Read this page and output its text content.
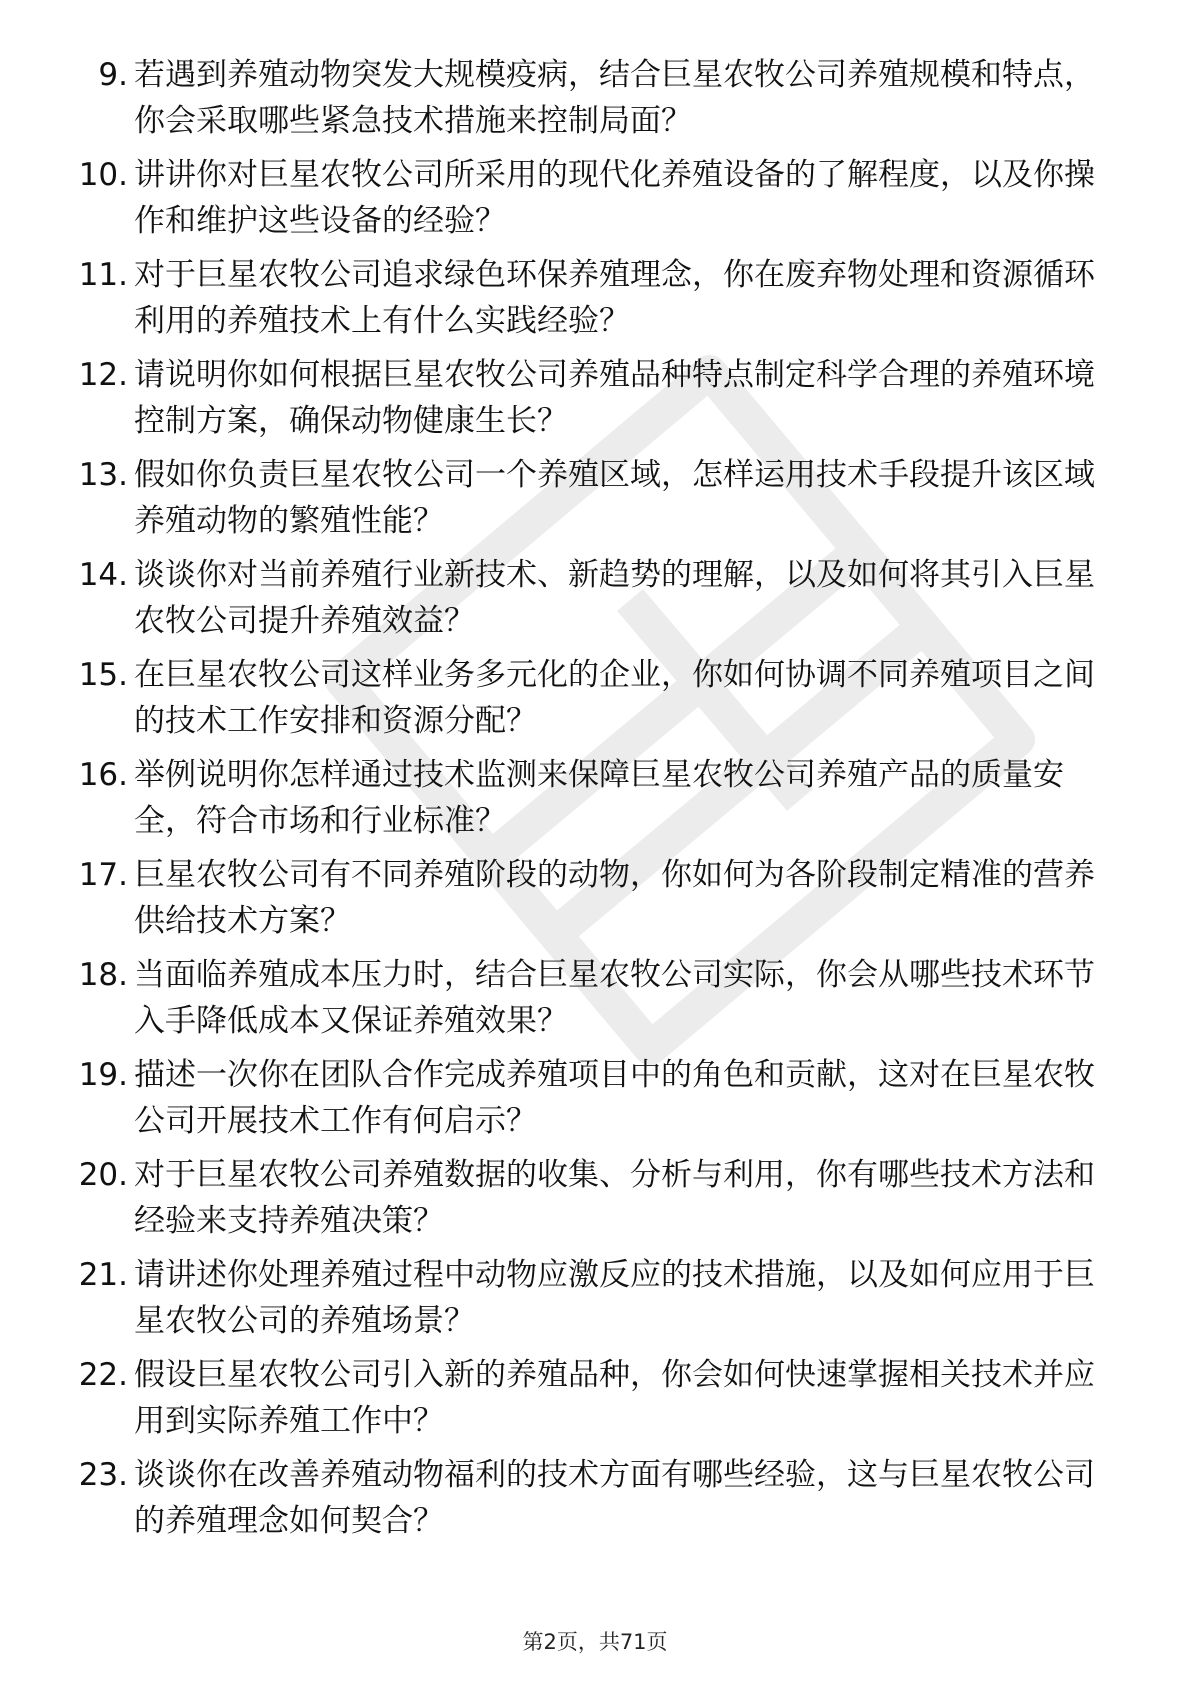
9. 若遇到养殖动物突发大规模疫病，结合巨星农牧公司养殖规模和特点，你会采取哪些紧急技术措施来控制局面？
10. 讲讲你对巨星农牧公司所采用的现代化养殖设备的了解程度，以及你操作和维护这些设备的经验？
11. 对于巨星农牧公司追求绿色环保养殖理念，你在废弃物处理和资源循环利用的养殖技术上有什么实践经验？
12. 请说明你如何根据巨星农牧公司养殖品种特点制定科学合理的养殖环境控制方案，确保动物健康生长？
13. 假如你负责巨星农牧公司一个养殖区域，怎样运用技术手段提升该区域养殖动物的繁殖性能？
14. 谈谈你对当前养殖行业新技术、新趋势的理解，以及如何将其引入巨星农牧公司提升养殖效益？
15. 在巨星农牧公司这样业务多元化的企业，你如何协调不同养殖项目之间的技术工作安排和资源分配？
16. 举例说明你怎样通过技术监测来保障巨星农牧公司养殖产品的质量安全，符合市场和行业标准？
17. 巨星农牧公司有不同养殖阶段的动物，你如何为各阶段制定精准的营养供给技术方案？
18. 当面临养殖成本压力时，结合巨星农牧公司实际，你会从哪些技术环节入手降低成本又保证养殖效果？
19. 描述一次你在团队合作完成养殖项目中的角色和贡献，这对在巨星农牧公司开展技术工作有何启示？
20. 对于巨星农牧公司养殖数据的收集、分析与利用，你有哪些技术方法和经验来支持养殖决策？
21. 请讲述你处理养殖过程中动物应激反应的技术措施，以及如何应用于巨星农牧公司的养殖场景？
22. 假设巨星农牧公司引入新的养殖品种，你会如何快速掌握相关技术并应用到实际养殖工作中？
23. 谈谈你在改善养殖动物福利的技术方面有哪些经验，这与巨星农牧公司的养殖理念如何契合？
第2页，共71页
